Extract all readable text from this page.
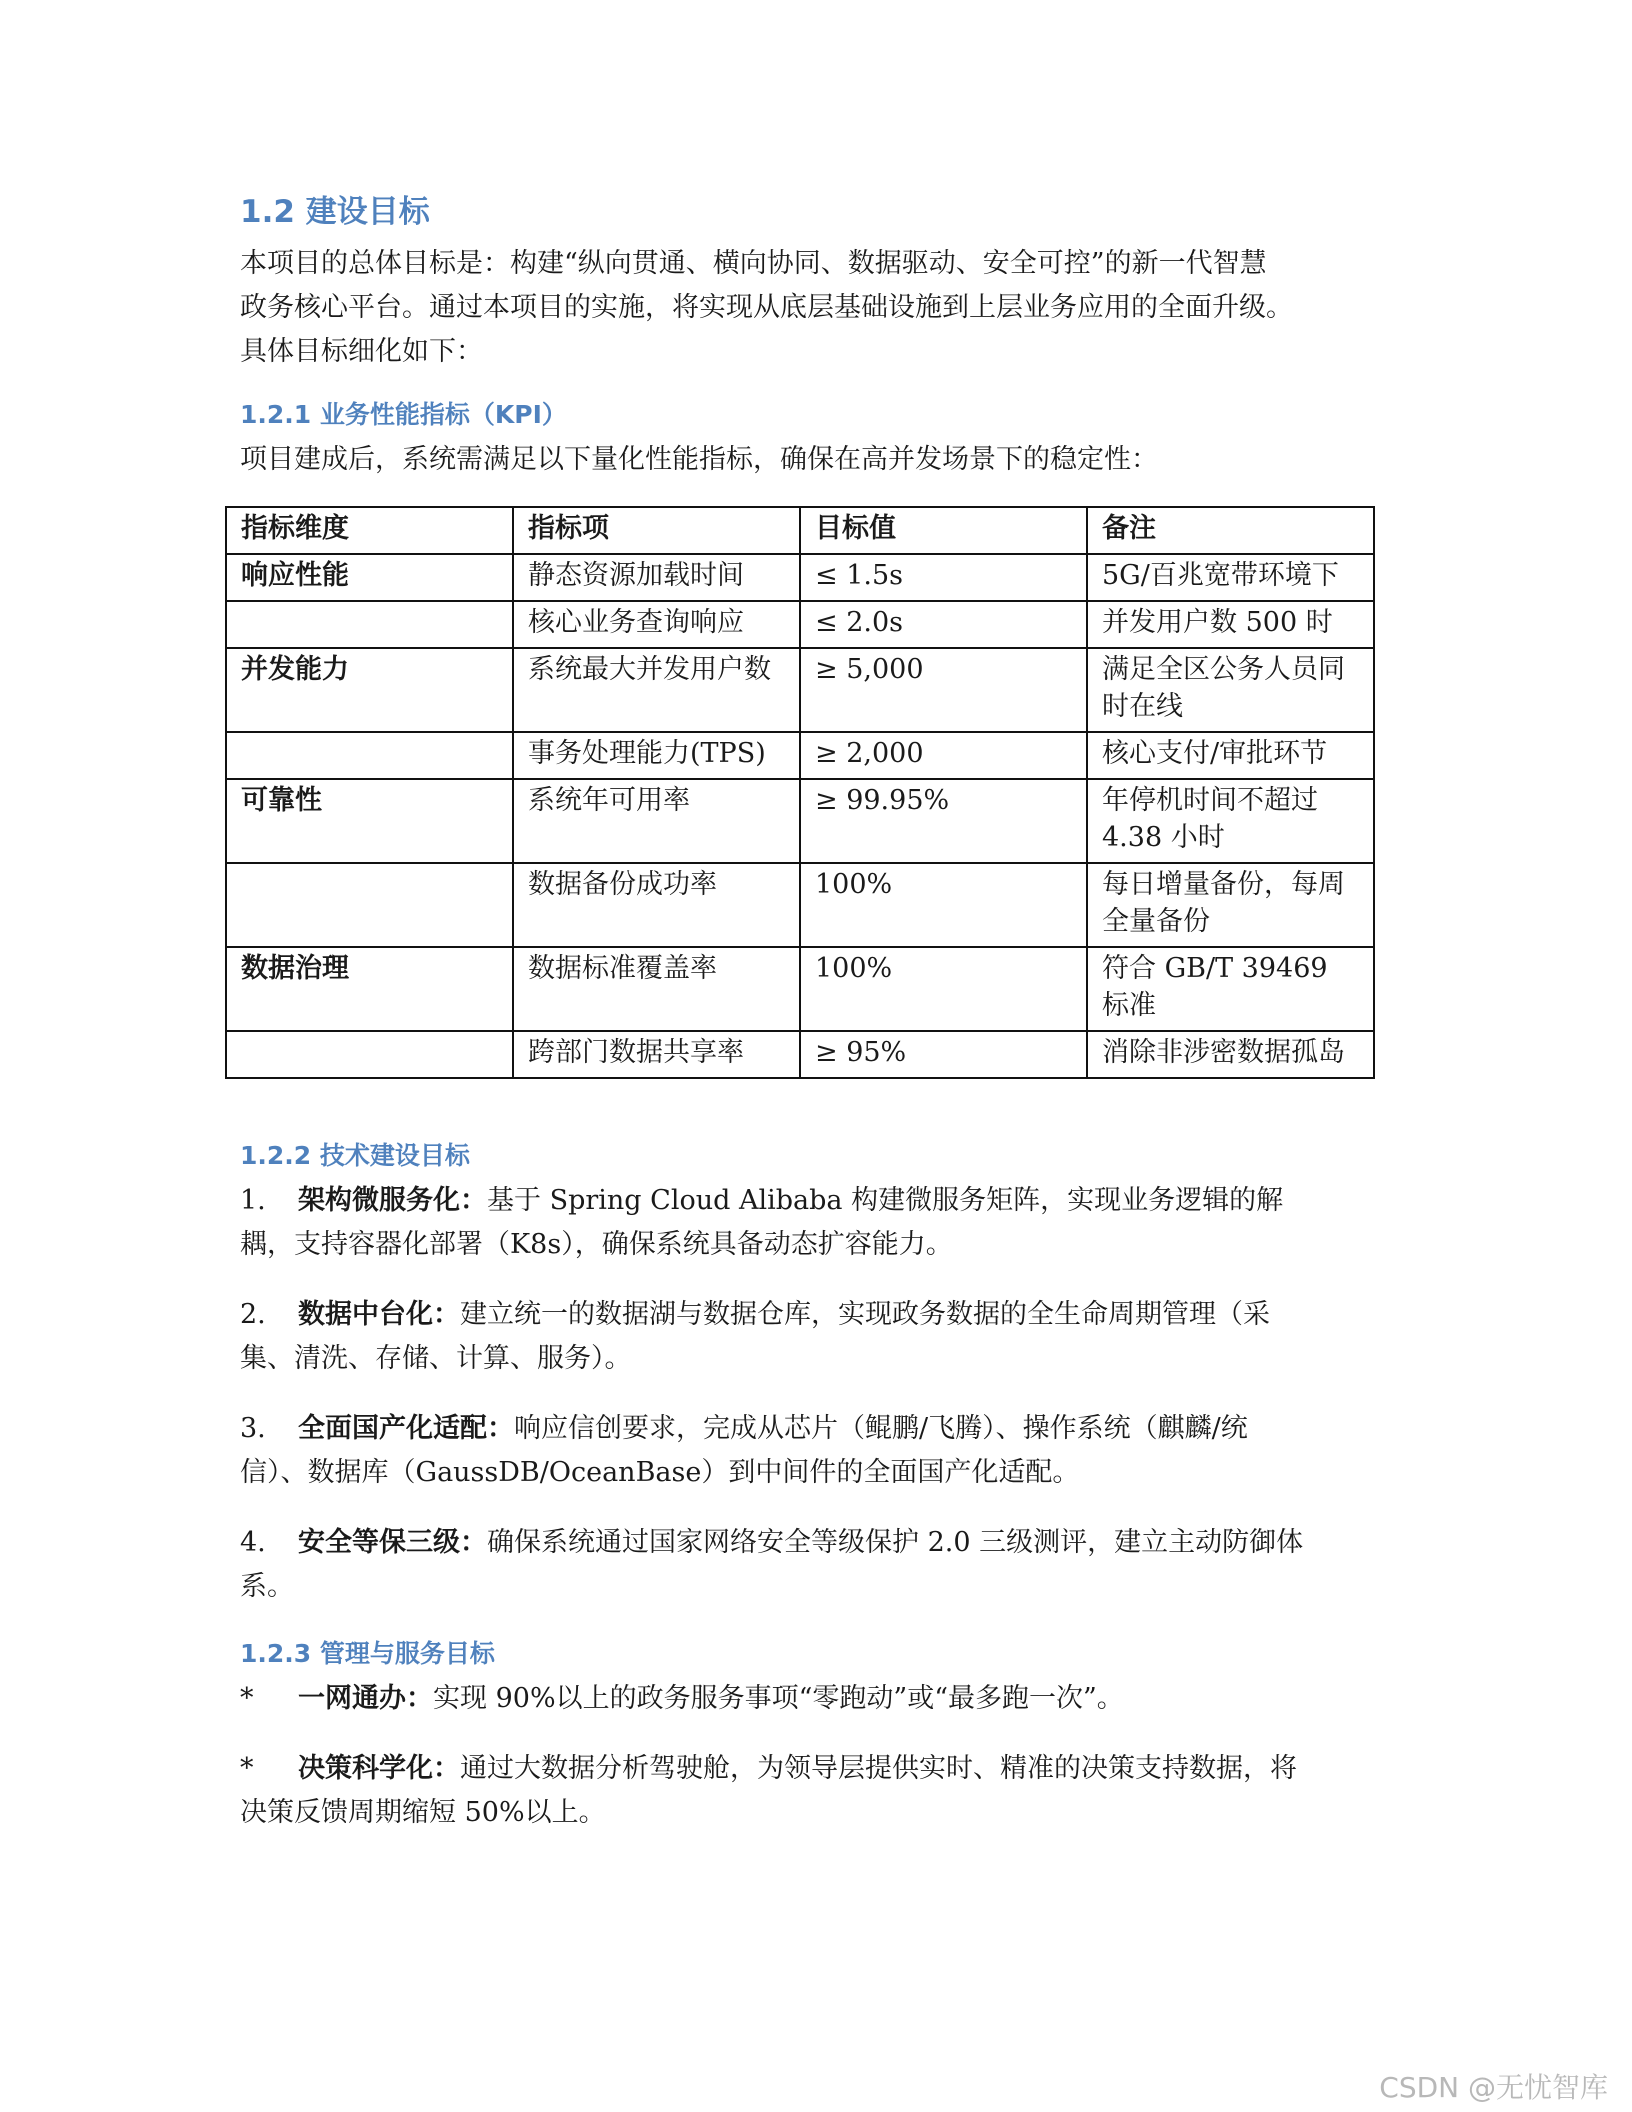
1.2 建设目标

本项目的总体目标是：构建“纵向贯通、横向协同、数据驱动、安全可控”的新一代智慧

政务核心平台。通过本项目的实施，将实现从底层基础设施到上层业务应用的全面升级。

具体目标细化如下：

1.2.1 业务性能指标（KPI）

项目建成后，系统需满足以下量化性能指标，确保在高并发场景下的稳定性：

指标维度	指标项	目标值	备注
响应性能	静态资源加载时间	≤ 1.5s	5G/百兆宽带环境下
	核心业务查询响应	≤ 2.0s	并发用户数 500 时
并发能力	系统最大并发用户数	≥ 5,000	满足全区公务人员同时在线
	事务处理能力(TPS)	≥ 2,000	核心支付/审批环节
可靠性	系统年可用率	≥ 99.95%	年停机时间不超过 4.38 小时
	数据备份成功率	100%	每日增量备份，每周全量备份
数据治理	数据标准覆盖率	100%	符合 GB/T 39469 标准
	跨部门数据共享率	≥ 95%	消除非涉密数据孤岛
1.2.2 技术建设目标
1. 架构微服务化：基于 Spring Cloud Alibaba 构建微服务矩阵，实现业务逻辑的解
耦，支持容器化部署（K8s），确保系统具备动态扩容能力。
2. 数据中台化：建立统一的数据湖与数据仓库，实现政务数据的全生命周期管理（采
集、清洗、存储、计算、服务）。
3. 全面国产化适配：响应信创要求，完成从芯片（鲲鹏/飞腾）、操作系统（麒麟/统
信）、数据库（GaussDB/OceanBase）到中间件的全面国产化适配。
4. 安全等保三级：确保系统通过国家网络安全等级保护 2.0 三级测评，建立主动防御体
系。
1.2.3 管理与服务目标
* 一网通办：实现 90%以上的政务服务事项“零跑动”或“最多跑一次”。
* 决策科学化：通过大数据分析驾驶舱，为领导层提供实时、精准的决策支持数据，将
决策反馈周期缩短 50%以上。
CSDN @无忧智库
